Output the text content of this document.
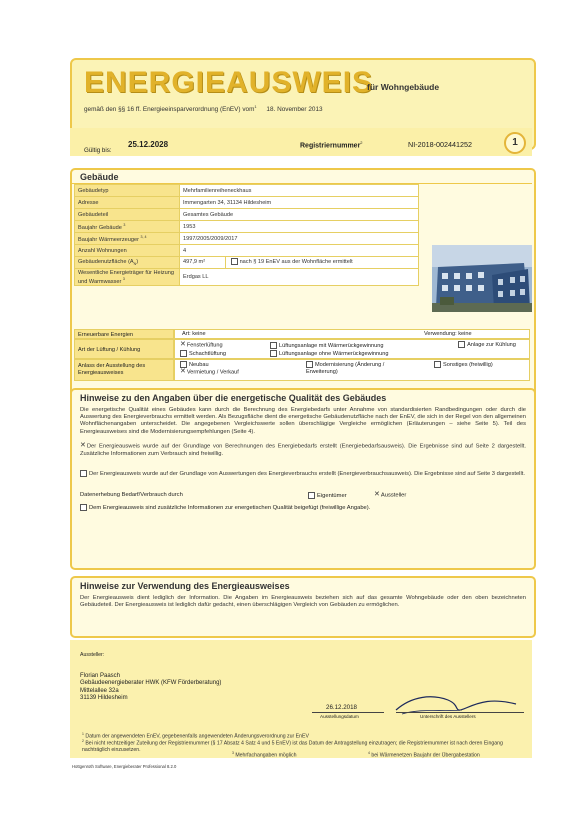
ENERGIEAUSWEIS
für Wohngebäude
gemäß den §§ 16 ff. Energieeinsparverordnung (EnEV) vom$^1$ 18. November 2013
Gültig bis:
25.12.2028	Registriernummer$^2$	NI-2018-002441252	1
Gebäude
Gebäudetyp	Mehrfamilienreiheneckhaus
Adresse	Immengarten 34, 31134 Hildesheim
Gebäudeteil	Gesamtes Gebäude
Baujahr Gebäude $^3$	1953
Baujahr Wärmeerzeuger $^{3, 4}$	1997/2005/2009/2017
Anzahl Wohnungen	4
Gebäudenutzfläche $(A_N)$	497,9 m² nach § 19 EnEV aus der Wohnfläche ermittelt
Wesentliche Energieträger für Heizung und Warmwasser $^3$	Erdgas LL
Erneuerbare Energien	Art: keine	Verwendung: keine
Art der Lüftung / Kühlung
✕Fensterlüftung
Schachtlüftung
Lüftungsanlage mit Wärmerückgewinnung
Lüftungsanlage ohne Wärmerückgewinnung
Anlage zur Kühlung
Anlass der Ausstellung des Energieausweises
Neubau
✕Vermietung / Verkauf
Modernisierung (Änderung / Erweiterung)
Sonstiges (freiwillig)
Hinweise zu den Angaben über die energetische Qualität des Gebäudes
Die energetische Qualität eines Gebäudes kann durch die Berechnung des Energiebedarfs unter Annahme von standardisierten Randbedingungen oder durch die Auswertung des Energieverbrauchs ermittelt werden. Als Bezugsfläche dient die energetische Gebäudenutzfläche nach der EnEV, die sich in der Regel von den allgemeinen Wohnflächenangaben unterscheidet. Die angegebenen Vergleichswerte sollen überschlägige Vergleiche ermöglichen (Erläuterungen – siehe Seite 5). Teil des Energieausweises sind die Modernisierungsempfehlungen (Seite 4).
✕Der Energieausweis wurde auf der Grundlage von Berechnungen des Energiebedarfs erstellt (Energiebedarfsausweis). Die Ergebnisse sind auf Seite 2 dargestellt. Zusätzliche Informationen zum Verbrauch sind freiwillig.
Der Energieausweis wurde auf der Grundlage von Auswertungen des Energieverbrauchs erstellt (Energieverbrauchsausweis). Die Ergebnisse sind auf Seite 3 dargestellt.
Datenerhebung Bedarf/Verbrauch durch	Eigentümer	✕Aussteller
Dem Energieausweis sind zusätzliche Informationen zur energetischen Qualität beigefügt (freiwillige Angabe).
Hinweise zur Verwendung des Energieausweises
Der Energieausweis dient lediglich der Information. Die Angaben im Energieausweis beziehen sich auf das gesamte Wohngebäude oder den oben bezeichneten Gebäudeteil. Der Energieausweis ist lediglich dafür gedacht, einen überschlägigen Vergleich von Gebäuden zu ermöglichen.
Aussteller:
Florian Paasch
Gebäudeenergieberater HWK (KFW Förderberatung)
Mittelallee 32a
31139 Hildesheim
26.12.2018
Ausstellungsdatum	Unterschrift des Ausstellers
$^1$ Datum der angewendeten EnEV, gegebenenfalls angewendeten Änderungsverordnung zur EnEV
$^2$ Bei nicht rechtzeitiger Zuteilung der Registriernummer (§ 17 Absatz 4 Satz 4 und 5 EnEV) ist das Datum der Antragstellung einzutragen; die Registriernummer ist nach deren Eingang nachträglich einzusetzen.	$^3$ Mehrfachangaben möglich	$^4$ bei Wärmenetzen Baujahr der Übergabestation
Hottgenroth Software, Energieberater Professional 8.2.0
